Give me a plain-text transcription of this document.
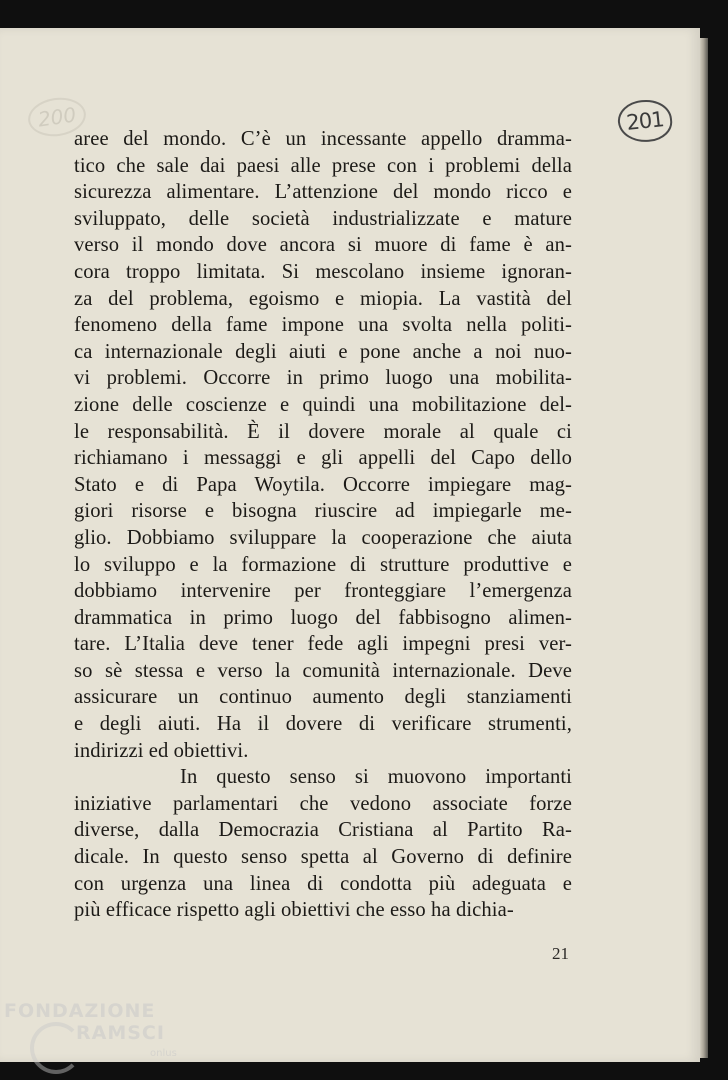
200	201

aree del mondo. C’è un incessante appello dramma-
tico che sale dai paesi alle prese con i problemi della
sicurezza alimentare. L’attenzione del mondo ricco e
sviluppato, delle società industrializzate e mature
verso il mondo dove ancora si muore di fame è an-
cora troppo limitata. Si mescolano insieme ignoran-
za del problema, egoismo e miopia. La vastità del
fenomeno della fame impone una svolta nella politi-
ca internazionale degli aiuti e pone anche a noi nuo-
vi problemi. Occorre in primo luogo una mobilita-
zione delle coscienze e quindi una mobilitazione del-
le responsabilità. È il dovere morale al quale ci
richiamano i messaggi e gli appelli del Capo dello
Stato e di Papa Woytila. Occorre impiegare mag-
giori risorse e bisogna riuscire ad impiegarle me-
glio. Dobbiamo sviluppare la cooperazione che aiuta
lo sviluppo e la formazione di strutture produttive e
dobbiamo intervenire per fronteggiare l’emergenza
drammatica in primo luogo del fabbisogno alimen-
tare. L’Italia deve tener fede agli impegni presi ver-
so sè stessa e verso la comunità internazionale. Deve
assicurare un continuo aumento degli stanziamenti
e degli aiuti. Ha il dovere di verificare strumenti,
indirizzi ed obiettivi.

In questo senso si muovono importanti
iniziative parlamentari che vedono associate forze
diverse, dalla Democrazia Cristiana al Partito Ra-
dicale. In questo senso spetta al Governo di definire
con urgenza una linea di condotta più adeguata e
più efficace rispetto agli obiettivi che esso ha dichia-

21
FONDAZIONE
RAMSCI
onlus
